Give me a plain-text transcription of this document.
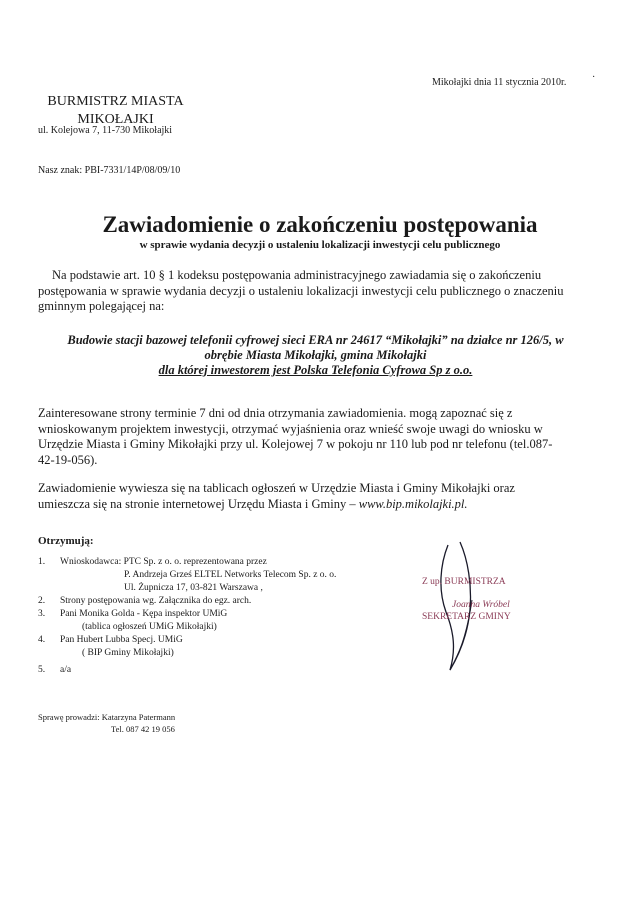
Mikołajki dnia 11 stycznia 2010r.	·
BURMISTRZ MIASTA
MIKOŁAJKI
ul. Kolejowa 7, 11-730 Mikołajki
Nasz znak: PBI-7331/14P/08/09/10
Zawiadomienie o zakończeniu postępowania
w sprawie wydania decyzji o ustaleniu lokalizacji inwestycji celu publicznego
Na podstawie art. 10 § 1 kodeksu postępowania administracyjnego zawiadamia się o zakończeniu
postępowania w sprawie wydania decyzji o ustaleniu lokalizacji inwestycji celu publicznego o znaczeniu
gminnym polegającej na:
Budowie stacji bazowej telefonii cyfrowej sieci ERA nr 24617 “Mikołajki” na działce nr 126/5, w
obrębie Miasta Mikołajki, gmina Mikołajki
dla której inwestorem jest Polska Telefonia Cyfrowa Sp z o.o.
Zainteresowane strony terminie 7 dni od dnia otrzymania zawiadomienia. mogą zapoznać się z
wnioskowanym projektem inwestycji, otrzymać wyjaśnienia oraz wnieść swoje uwagi do wniosku w
Urzędzie Miasta i Gminy Mikołajki przy ul. Kolejowej 7 w pokoju nr 110 lub pod nr telefonu (tel.087-
42-19-056).
Zawiadomienie wywiesza się na tablicach ogłoszeń w Urzędzie Miasta i Gminy Mikołajki oraz
umieszcza się na stronie internetowej Urzędu Miasta i Gminy – www.bip.mikolajki.pl.
Otrzymują:
1.	Wnioskodawca: PTC Sp. z o. o. reprezentowana przez
P. Andrzeja Grześ ELTEL Networks Telecom Sp. z o. o.
Ul. Żupnicza 17, 03-821 Warszawa ,
2.	Strony postępowania wg. Załącznika do egz. arch.
3.	Pani Monika Golda - Kępa inspektor UMiG
(tablica ogłoszeń UMiG Mikołajki)
4.	Pan Hubert Lubba Specj. UMiG
( BIP Gminy Mikołajki)
5.	a/a
Z up. BURMISTRZA
Joanna Wróbel
SEKRETARZ GMINY
Sprawę prowadzi: Katarzyna Patermann
Tel. 087 42 19 056
